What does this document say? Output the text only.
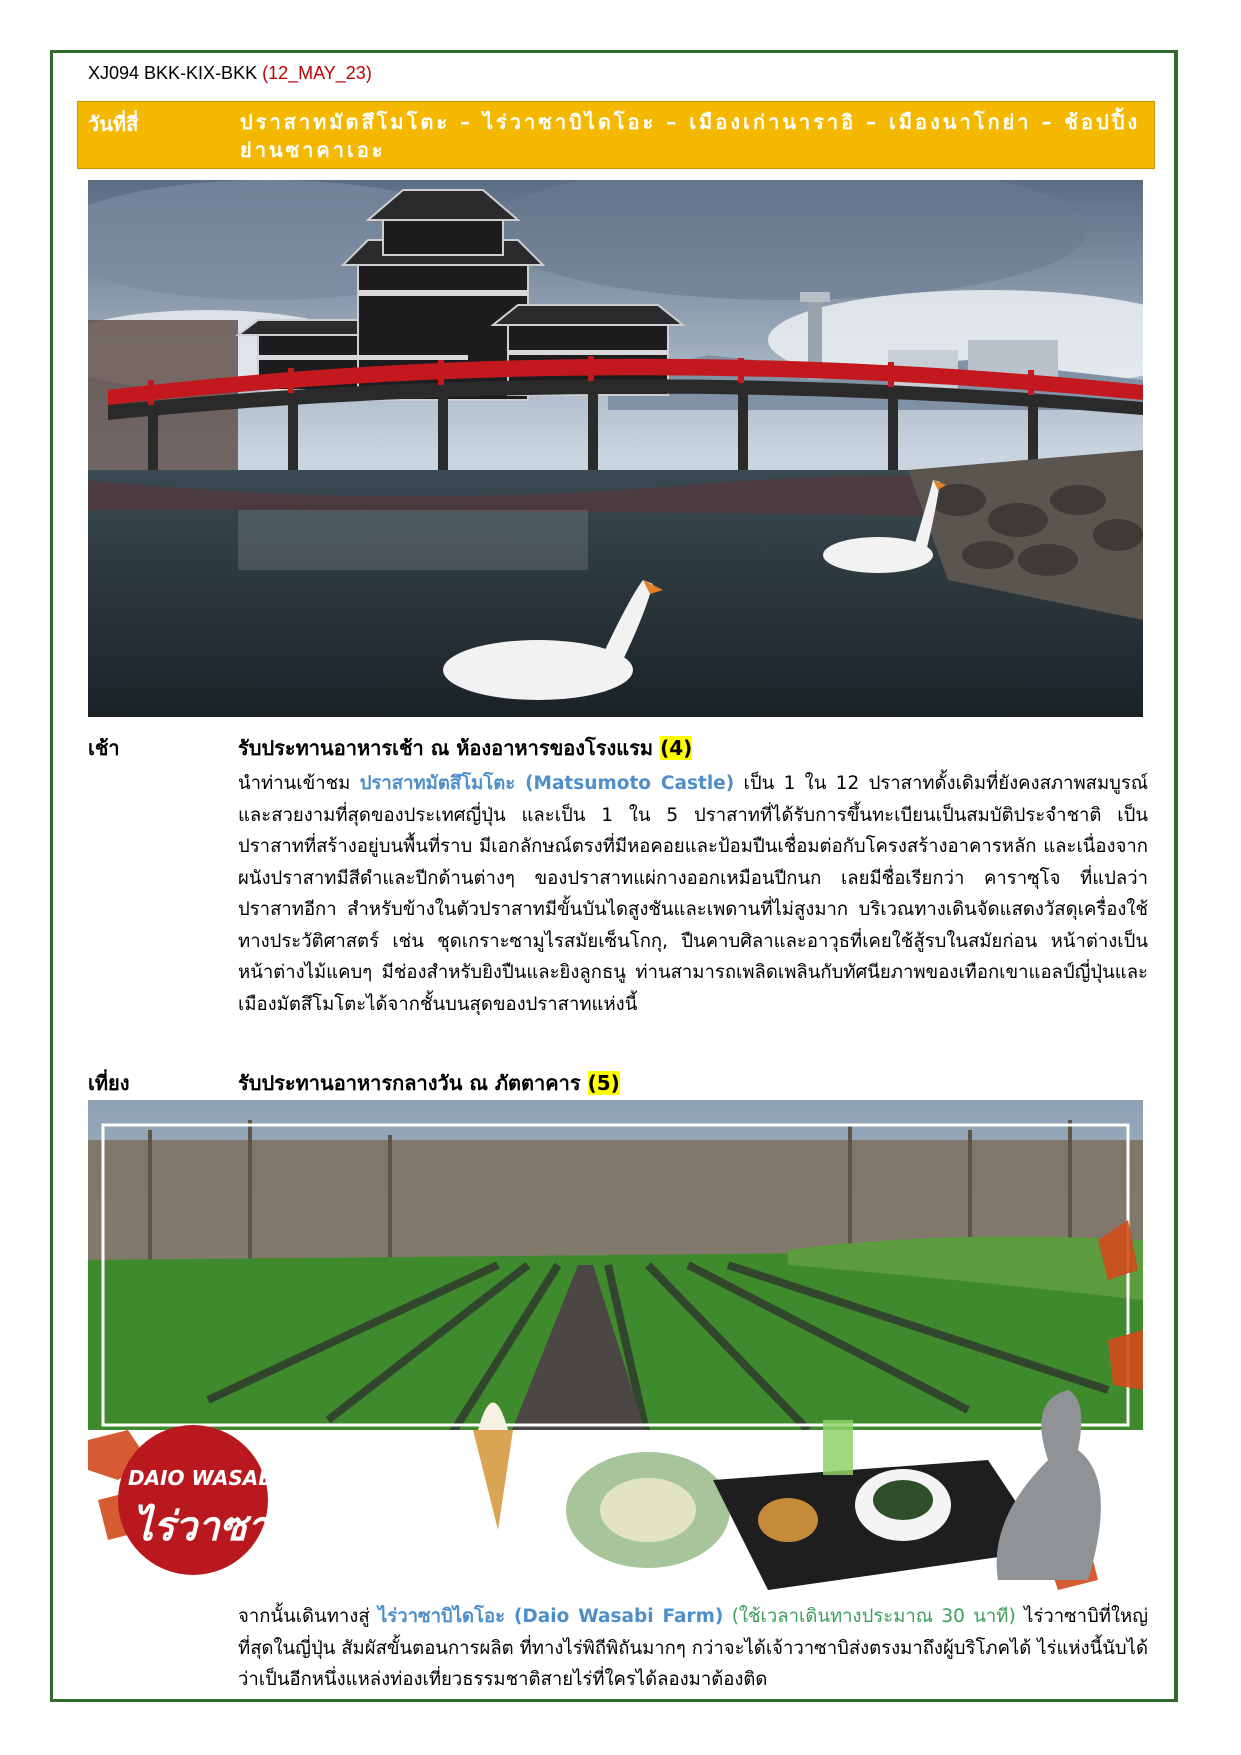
XJ094 BKK-KIX-BKK (12_MAY_23)
วันที่สี่	ปราสาทมัตสึโมโตะ – ไร่วาซาบิไดโอะ – เมืองเก่านาราอิ – เมืองนาโกย่า – ช้อปปิ้งย่านซาคาเอะ
เช้า	รับประทานอาหารเช้า ณ ห้องอาหารของโรงแรม (4)
นำท่านเข้าชม ปราสาทมัตสึโมโตะ (Matsumoto Castle) เป็น 1 ใน 12 ปราสาทดั้งเดิมที่ยังคงสภาพสมบูรณ์และสวยงามที่สุดของประเทศญี่ปุ่น และเป็น 1 ใน 5 ปราสาทที่ได้รับการขึ้นทะเบียนเป็นสมบัติประจำชาติ เป็นปราสาทที่สร้างอยู่บนพื้นที่ราบ มีเอกลักษณ์ตรงที่มีหอคอยและป้อมปืนเชื่อมต่อกับโครงสร้างอาคารหลัก และเนื่องจากผนังปราสาทมีสีดำและปีกด้านต่างๆ ของปราสาทแผ่กางออกเหมือนปีกนก เลยมีชื่อเรียกว่า คาราซุโจ ที่แปลว่า ปราสาทอีกา สำหรับข้างในตัวปราสาทมีขั้นบันไดสูงชันและเพดานที่ไม่สูงมาก บริเวณทางเดินจัดแสดงวัสดุเครื่องใช้ทางประวัติศาสตร์ เช่น ชุดเกราะซามูไรสมัยเซ็นโกกุ, ปืนคาบศิลาและอาวุธที่เคยใช้สู้รบในสมัยก่อน หน้าต่างเป็นหน้าต่างไม้แคบๆ มีช่องสำหรับยิงปืนและยิงลูกธนู ท่านสามารถเพลิดเพลินกับทัศนียภาพของเทือกเขาแอลป์ญี่ปุ่นและเมืองมัตสึโมโตะได้จากชั้นบนสุดของปราสาทแห่งนี้
เที่ยง	รับประทานอาหารกลางวัน ณ ภัตตาคาร (5)
DAIO WASABI FARM
ไร่วาซาบิไดโอะ
จากนั้นเดินทางสู่ ไร่วาซาบิไดโอะ (Daio Wasabi Farm) (ใช้เวลาเดินทางประมาณ 30 นาที) ไร่วาซาบิที่ใหญ่ที่สุดในญี่ปุ่น สัมผัสขั้นตอนการผลิต ที่ทางไร่พิถีพิถันมากๆ กว่าจะได้เจ้าวาซาบิส่งตรงมาถึงผู้บริโภคได้ ไร่แห่งนี้นับได้ว่าเป็นอีกหนึ่งแหล่งท่องเที่ยวธรรมชาติสายไร่ที่ใครได้ลองมาต้องติด
